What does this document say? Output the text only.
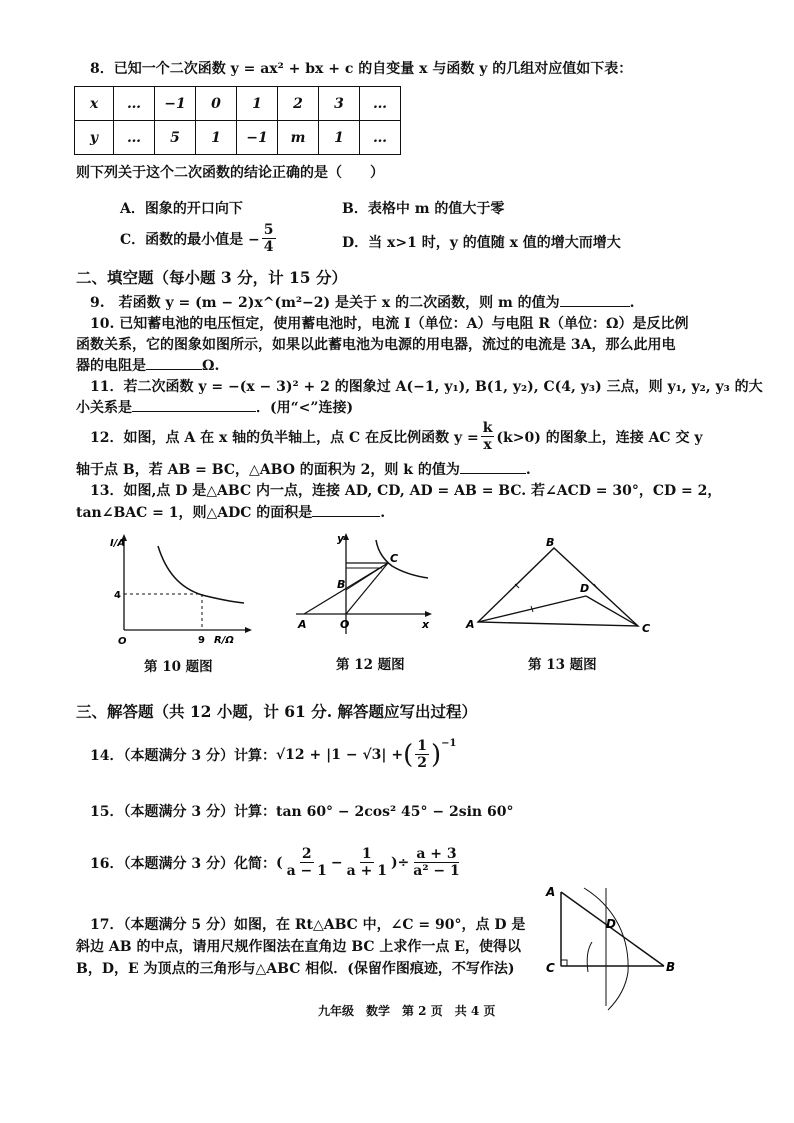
8．已知一个二次函数 y = ax² + bx + c 的自变量 x 与函数 y 的几组对应值如下表：
x	…	−1	0	1	2	3	…
y	…	5	1	−1	m	1	…
则下列关于这个二次函数的结论正确的是（　　）
A．图象的开口向下	B．表格中 m 的值大于零
C．函数的最小值是 − $\frac{5}{4}$	D．当 x>1 时，y 的值随 x 值的增大而增大
二、填空题（每小题 3 分，计 15 分）
9.　若函数 y = (m − 2)x^(m²−2) 是关于 x 的二次函数，则 m 的值为	.
10. 已知蓄电池的电压恒定，使用蓄电池时，电流 I（单位：A）与电阻 R（单位：Ω）是反比例
函数关系，它的图象如图所示，如果以此蓄电池为电源的用电器，流过的电流是 3A，那么此用电
器的电阻是	Ω.
11．若二次函数 y = −(x − 3)² + 2 的图象过 A(−1, y₁), B(1, y₂), C(4, y₃) 三点，则 y₁, y₂, y₃ 的大
小关系是	．(用“<”连接)
12．如图，点 A 在 x 轴的负半轴上，点 C 在反比例函数 $y = \frac{k}{x} (k>0)$ 的图象上，连接 AC 交 y
轴于点 B，若 AB = BC，△ABO 的面积为 2，则 k 的值为	.
13．如图,点 D 是△ABC 内一点，连接 AD, CD, AD = AB = BC. 若∠ACD = 30°，CD = 2，
tan∠BAC = 1，则△ADC 的面积是	.
I/A
4
O	9 R/Ω
第 10 题图
y
x
C
B
A	O
第 12 题图
A
B
C
D
第 13 题图
三、解答题（共 12 小题，计 61 分. 解答题应写出过程）
14．（本题满分 3 分）计算： √12 + |1 − √3| + ( $\frac{1}{2} )^{-1}$
15．（本题满分 3 分）计算：tan 60° − 2cos² 45° − 2sin 60°
16．（本题满分 3 分）化简： ( $\frac{2}{a - 1} - \frac{1}{a + 1}$ )÷ $\frac{a + 3}{\text{a² − 1}}$
17．（本题满分 5 分）如图，在 Rt△ABC 中，∠C = 90°，点 D 是
斜边 AB 的中点，请用尺规作图法在直角边 BC 上求作一点 E，使得以
B，D，E 为顶点的三角形与△ABC 相似．(保留作图痕迹，不写作法)
A
D
C	B
九年级　数学　第 2 页　共 4 页
